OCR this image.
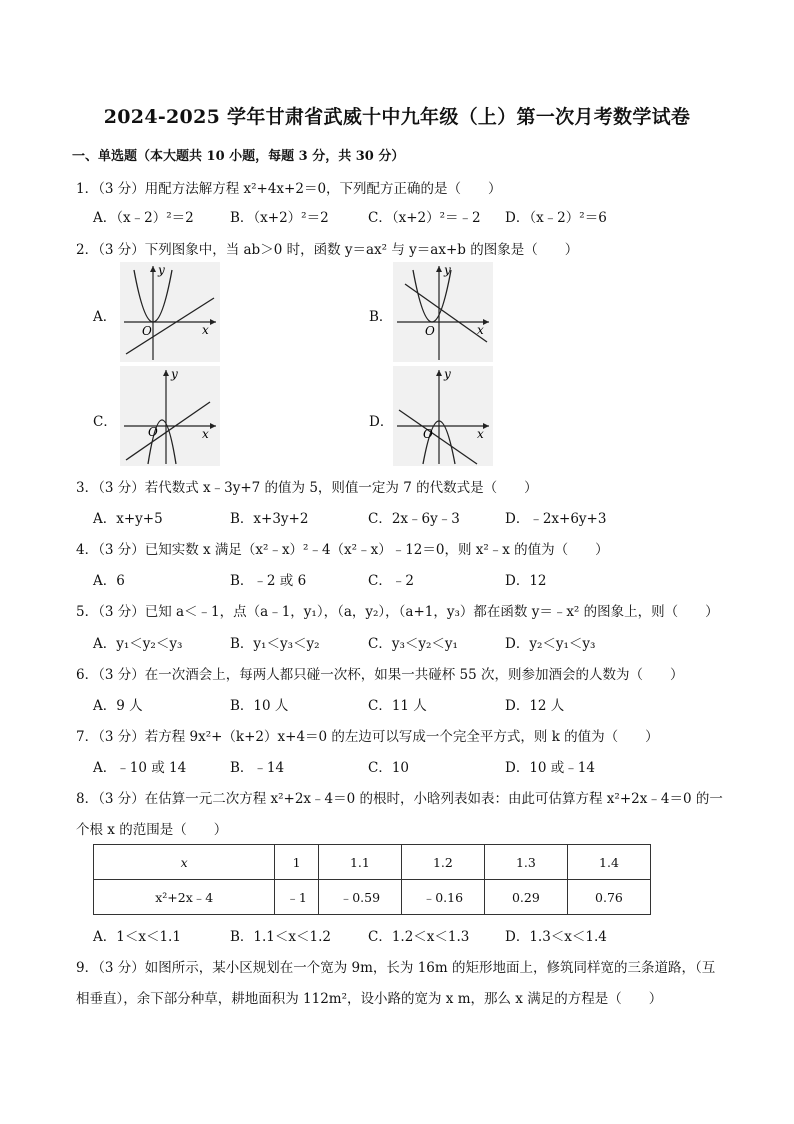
2024-2025 学年甘肃省武威十中九年级（上）第一次月考数学试卷
一、单选题（本大题共 10 小题，每题 3 分，共 30 分）
1．（3 分）用配方法解方程 x²+4x+2＝0，下列配方正确的是（　　）
A．（x﹣2）²＝2	B．（x+2）²＝2	C．（x+2）²＝﹣2 D．（x﹣2）²＝6
2．（3 分）下列图象中，当 ab＞0 时，函数 y＝ax² 与 y＝ax+b 的图象是（　　）
A．
y
x
O
B．
y
x
O
C．
y
x
O
D．
y
x
O
3．（3 分）若代数式 x﹣3y+7 的值为 5，则值一定为 7 的代数式是（　　）
A．x+y+5	B．x+3y+2	C．2x﹣6y﹣3	D．﹣2x+6y+3
4．（3 分）已知实数 x 满足（x²﹣x）²﹣4（x²﹣x）﹣12＝0，则 x²﹣x 的值为（　　）
A．6	B．﹣2 或 6	C．﹣2	D．12
5．（3 分）已知 a＜﹣1，点（a﹣1，y₁），（a，y₂），（a+1，y₃）都在函数 y＝﹣x² 的图象上，则（　　）
A．y₁＜y₂＜y₃	B．y₁＜y₃＜y₂	C．y₃＜y₂＜y₁	D．y₂＜y₁＜y₃
6．（3 分）在一次酒会上，每两人都只碰一次杯，如果一共碰杯 55 次，则参加酒会的人数为（　　）
A．9 人	B．10 人	C．11 人	D．12 人
7．（3 分）若方程 9x²+（k+2）x+4＝0 的左边可以写成一个完全平方式，则 k 的值为（　　）
A．﹣10 或 14	B．﹣14	C．10	D．10 或﹣14
8．（3 分）在估算一元二次方程 x²+2x﹣4＝0 的根时，小晗列表如表：由此可估算方程 x²+2x﹣4＝0 的一
个根 x 的范围是（　　）
x	1	1.1	1.2	1.3	1.4
x²+2x﹣4	﹣1	﹣0.59	﹣0.16	0.29	0.76
A．1＜x＜1.1	B．1.1＜x＜1.2	C．1.2＜x＜1.3	D．1.3＜x＜1.4
9．（3 分）如图所示，某小区规划在一个宽为 9m，长为 16m 的矩形地面上，修筑同样宽的三条道路，（互
相垂直），余下部分种草，耕地面积为 112m²，设小路的宽为 x m，那么 x 满足的方程是（　　）
